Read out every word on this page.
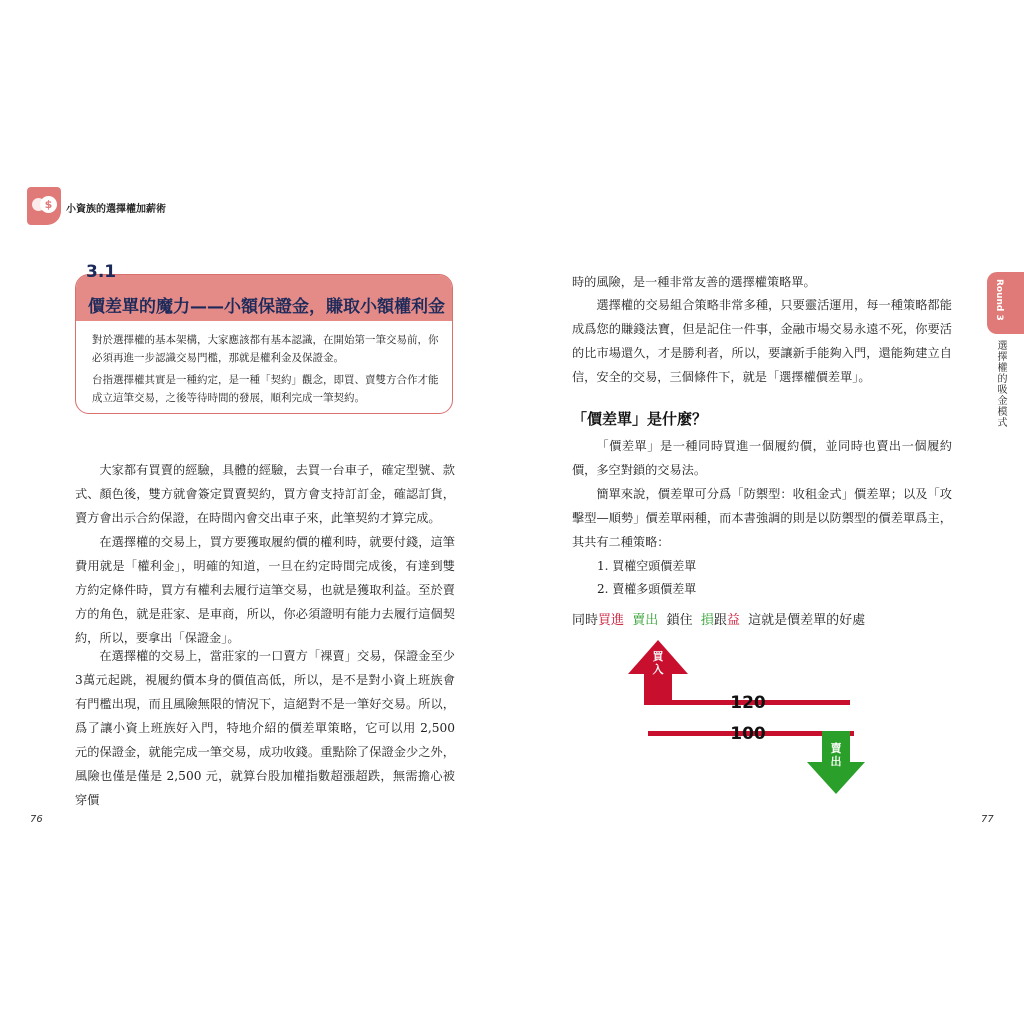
$	小資族的選擇權加薪術
3.1
價差單的魔力——小額保證金，賺取小額權利金
對於選擇權的基本架構，大家應該都有基本認識，在開始第一筆交易前，你必須再進一步認識交易門檻，那就是權利金及保證金。
台指選擇權其實是一種約定，是一種「契約」觀念，即買、賣雙方合作才能成立這筆交易，之後等待時間的發展，順利完成一筆契約。

大家都有買賣的經驗，具體的經驗，去買一台車子，確定型號、款式、顏色後，雙方就會簽定買賣契約，買方會支持訂訂金，確認訂貨，賣方會出示合約保證，在時間內會交出車子來，此筆契約才算完成。

在選擇權的交易上，買方要獲取履約價的權利時，就要付錢，這筆費用就是「權利金」，明確的知道，一旦在約定時間完成後，有達到雙方約定條件時，買方有權利去履行這筆交易，也就是獲取利益。至於賣方的角色，就是莊家、是車商，所以，你必須證明有能力去履行這個契約，所以，要拿出「保證金」。

在選擇權的交易上，當莊家的一口賣方「裸賣」交易，保證金至少3萬元起跳，視履約價本身的價值高低，所以，是不是對小資上班族會有門檻出現，而且風險無限的情況下，這絕對不是一筆好交易。所以，爲了讓小資上班族好入門，特地介紹的價差單策略，它可以用 2,500 元的保證金，就能完成一筆交易，成功收錢。重點除了保證金少之外，風險也僅是僅是 2,500 元，就算台股加權指數超漲超跌，無需擔心被穿價

時的風險，是一種非常友善的選擇權策略單。

選擇權的交易組合策略非常多種，只要靈活運用，每一種策略都能成爲您的賺錢法寶，但是記住一件事，金融市場交易永遠不死，你要活的比市場還久，才是勝利者，所以，要讓新手能夠入門，還能夠建立自信，安全的交易，三個條件下，就是「選擇權價差單」。

「價差單」是什麼？

「價差單」是一種同時買進一個履約價，並同時也賣出一個履約價，多空對鎖的交易法。

簡單來說，價差單可分爲「防禦型：收租金式」價差單；以及「攻擊型—順勢」價差單兩種，而本書強調的則是以防禦型的價差單爲主，其共有二種策略：

1. 買權空頭價差單
2. 賣權多頭價差單
同時買進 賣出 鎖住 損跟益 這就是價差單的好處
買
入
賣
出
120
100
Round 3
選擇權的吸金模式
76	77
